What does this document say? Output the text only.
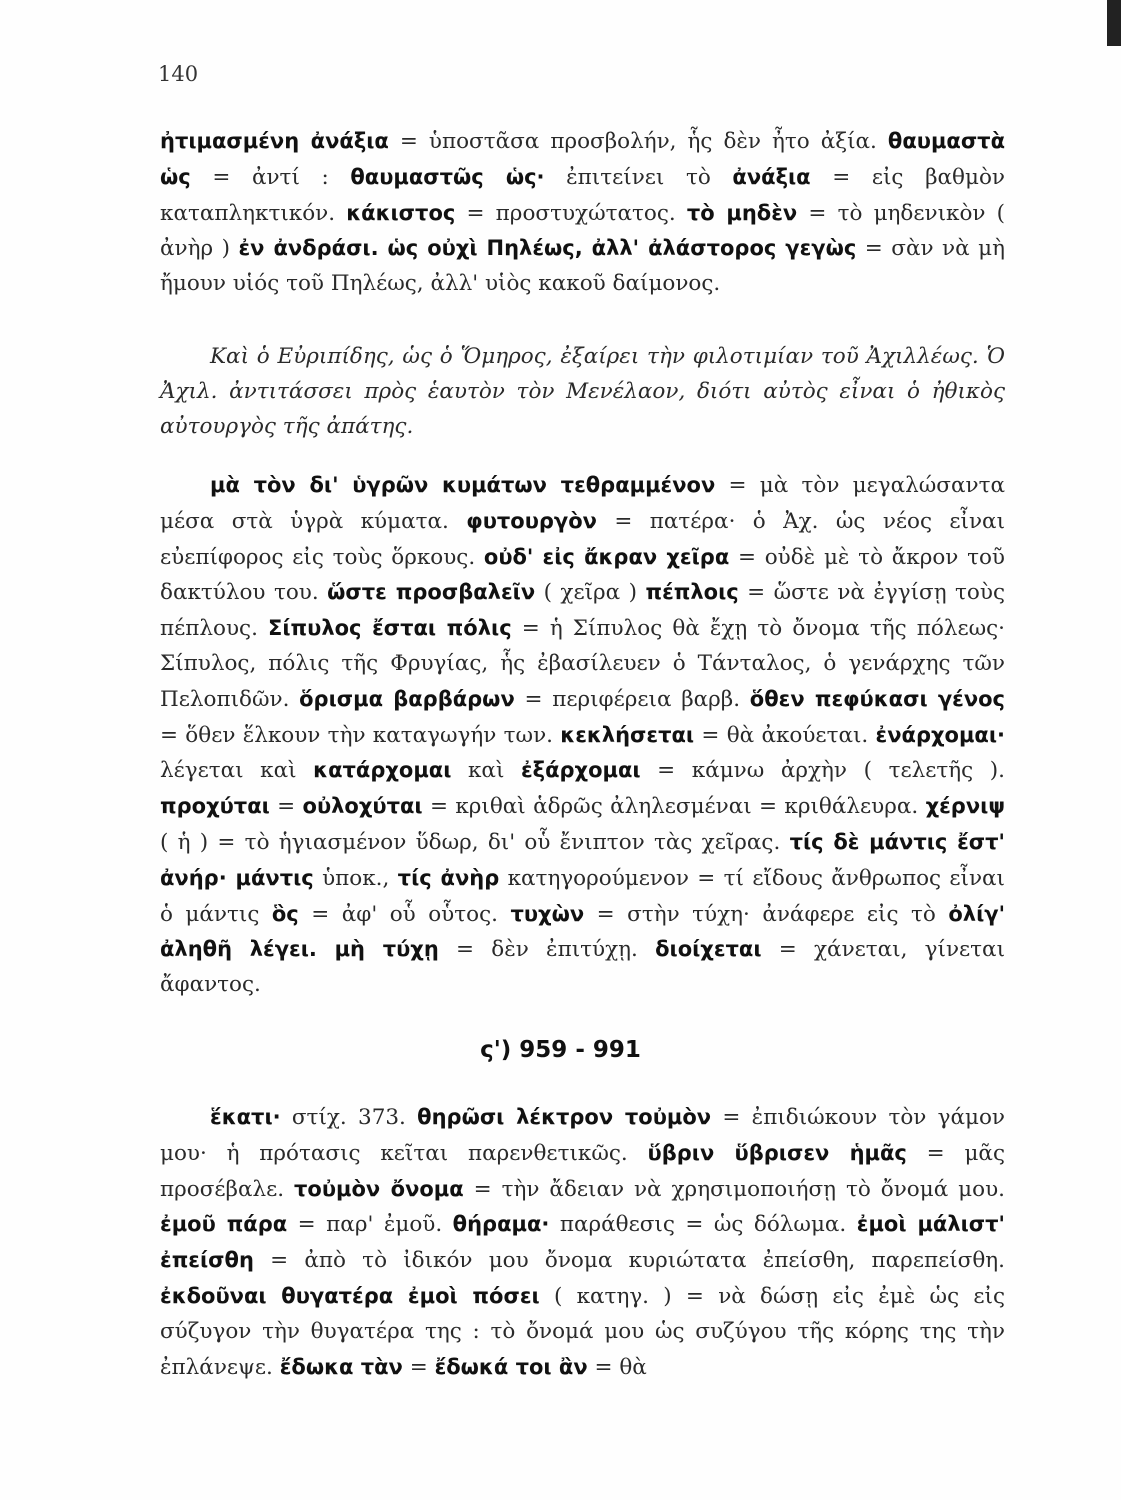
140
ἠτιμασμένη ἀνάξια = ὑποστᾶσα προσβολήν, ἧς δὲν ἦτο ἀξία. θαυμαστὰ ὡς = ἀντί : θαυμαστῶς ὡς· ἐπιτείνει τὸ ἀνάξια = εἰς βαθμὸν καταπληκτικόν. κάκιστος = προστυχώτατος. τὸ μηδὲν = τὸ μηδενικὸν ( ἀνὴρ ) ἐν ἀνδράσι. ὡς οὐχὶ Πηλέως, ἀλλ' ἀλάστορος γεγὼς = σὰν νὰ μὴ ἤμουν υἱός τοῦ Πηλέως, ἀλλ' υἱὸς κακοῦ δαίμονος.
Καὶ ὁ Εὐριπίδης, ὡς ὁ Ὅμηρος, ἐξαίρει τὴν φιλοτιμίαν τοῦ Ἀχιλλέως. Ὁ Ἀχιλ. ἀντιτάσσει πρὸς ἑαυτὸν τὸν Μενέλαον, διότι αὐτὸς εἶναι ὁ ἠθικὸς αὐτουργὸς τῆς ἀπάτης.
μὰ τὸν δι' ὑγρῶν κυμάτων τεθραμμένον = μὰ τὸν μεγαλώσαντα μέσα στὰ ὑγρὰ κύματα. φυτουργὸν = πατέρα· ὁ Ἀχ. ὡς νέος εἶναι εὐεπίφορος εἰς τοὺς ὅρκους. οὐδ' εἰς ἄκραν χεῖρα = οὐδὲ μὲ τὸ ἄκρον τοῦ δακτύλου του. ὥστε προσβαλεῖν ( χεῖρα ) πέπλοις = ὥστε νὰ ἐγγίσῃ τοὺς πέπλους. Σίπυλος ἔσται πόλις = ἡ Σίπυλος θὰ ἔχῃ τὸ ὄνομα τῆς πόλεως· Σίπυλος, πόλις τῆς Φρυγίας, ἧς ἐβασίλευεν ὁ Τάνταλος, ὁ γενάρχης τῶν Πελοπιδῶν. ὅρισμα βαρβάρων = περιφέρεια βαρβ. ὅθεν πεφύκασι γένος = ὅθεν ἕλκουν τὴν καταγωγήν των. κεκλήσεται = θὰ ἀκούεται. ἐνάρχομαι· λέγεται καὶ κατάρχομαι καὶ ἐξάρχομαι = κάμνω ἀρχὴν ( τελετῆς ). προχύται = οὐλοχύται = κριθαὶ ἁδρῶς ἀληλεσμέναι = κριθάλευρα. χέρνιψ ( ἡ ) = τὸ ἡγιασμένον ὕδωρ, δι' οὗ ἔνιπτον τὰς χεῖρας. τίς δὲ μάντις ἔστ' ἀνήρ· μάντις ὑποκ., τίς ἀνὴρ κατηγορούμενον = τί εἴδους ἄνθρωπος εἶναι ὁ μάντις ὃς = ἀφ' οὗ οὗτος. τυχὼν = στὴν τύχη· ἀνάφερε εἰς τὸ ὀλίγ' ἀληθῆ λέγει. μὴ τύχῃ = δὲν ἐπιτύχῃ. διοίχεται = χάνεται, γίνεται ἄφαντος.
ς') 959 - 991
ἕκατι· στίχ. 373. θηρῶσι λέκτρον τοὐμὸν = ἐπιδιώκουν τὸν γάμον μου· ἡ πρότασις κεῖται παρενθετικῶς. ὕβριν ὕβρισεν ἡμᾶς = μᾶς προσέβαλε. τοὐμὸν ὄνομα = τὴν ἄδειαν νὰ χρησιμοποιήσῃ τὸ ὄνομά μου. ἐμοῦ πάρα = παρ' ἐμοῦ. θήραμα· παράθεσις = ὡς δόλωμα. ἐμοὶ μάλιστ' ἐπείσθη = ἀπὸ τὸ ἰδικόν μου ὄνομα κυριώτατα ἐπείσθη, παρεπείσθη. ἐκδοῦναι θυγατέρα ἐμοὶ πόσει ( κατηγ. ) = νὰ δώσῃ εἰς ἐμὲ ὡς εἰς σύζυγον τὴν θυγατέρα της : τὸ ὄνομά μου ὡς συζύγου τῆς κόρης της τὴν ἐπλάνεψε. ἔδωκα τὰν = ἔδωκά τοι ἂν = θὰ
